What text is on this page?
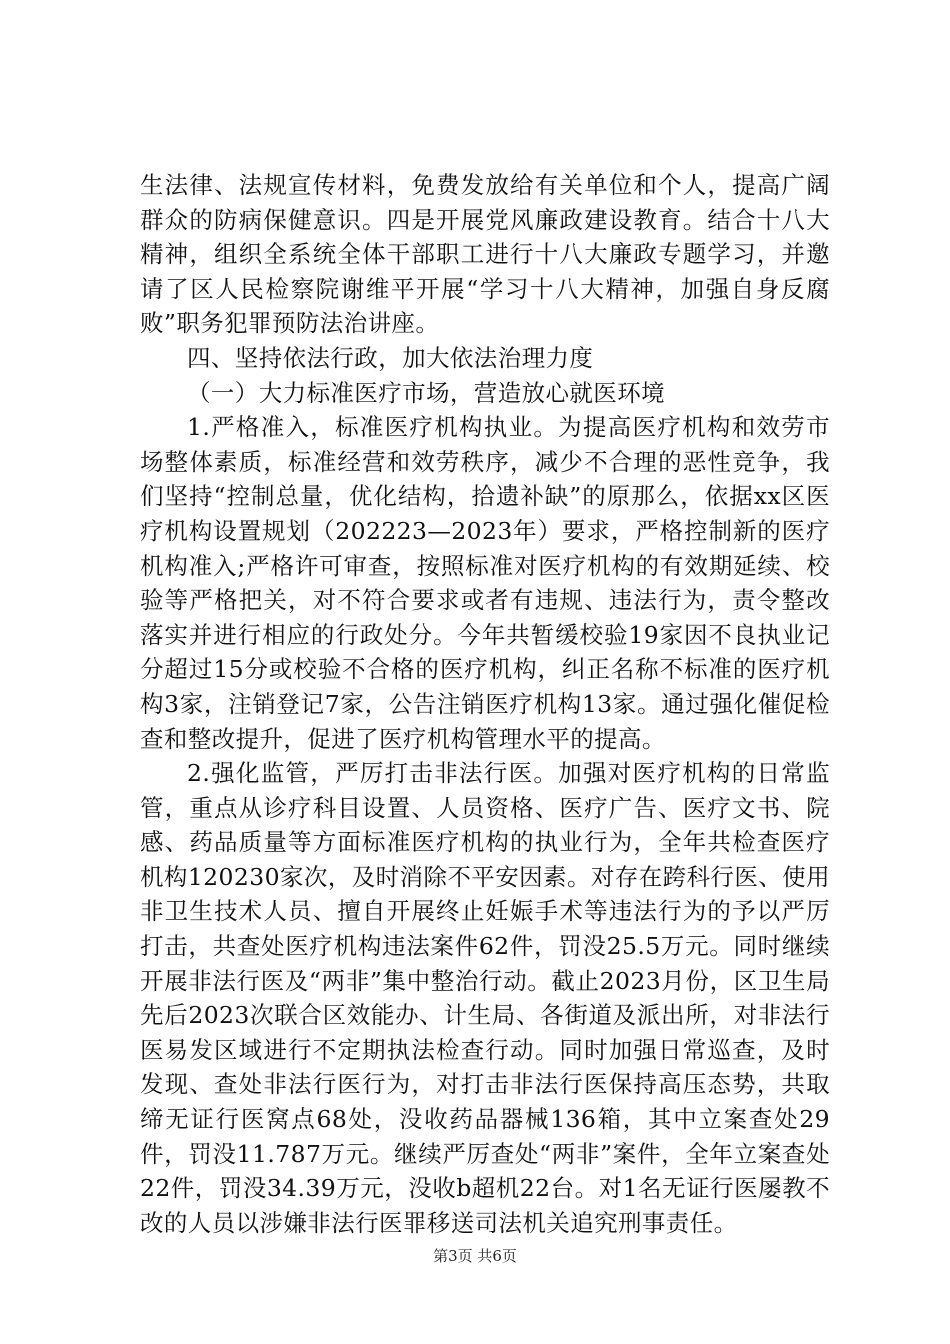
生法律、法规宣传材料，免费发放给有关单位和个人，提高广阔群众的防病保健意识。四是开展党风廉政建设教育。结合十八大精神，组织全系统全体干部职工进行十八大廉政专题学习，并邀请了区人民检察院谢维平开展“学习十八大精神，加强自身反腐败”职务犯罪预防法治讲座。

四、坚持依法行政，加大依法治理力度

（一）大力标准医疗市场，营造放心就医环境

1.严格准入，标准医疗机构执业。为提高医疗机构和效劳市场整体素质，标准经营和效劳秩序，减少不合理的恶性竞争，我们坚持“控制总量，优化结构，拾遗补缺”的原那么，依据xx区医疗机构设置规划（202223—2023年）要求，严格控制新的医疗机构准入;严格许可审查，按照标准对医疗机构的有效期延续、校验等严格把关，对不符合要求或者有违规、违法行为，责令整改落实并进行相应的行政处分。今年共暂缓校验19家因不良执业记分超过15分或校验不合格的医疗机构，纠正名称不标准的医疗机构3家，注销登记7家，公告注销医疗机构13家。通过强化催促检查和整改提升，促进了医疗机构管理水平的提高。

2.强化监管，严厉打击非法行医。加强对医疗机构的日常监管，重点从诊疗科目设置、人员资格、医疗广告、医疗文书、院感、药品质量等方面标准医疗机构的执业行为，全年共检查医疗机构120230家次，及时消除不平安因素。对存在跨科行医、使用非卫生技术人员、擅自开展终止妊娠手术等违法行为的予以严厉打击，共查处医疗机构违法案件62件，罚没25.5万元。同时继续开展非法行医及“两非”集中整治行动。截止2023月份，区卫生局先后2023次联合区效能办、计生局、各街道及派出所，对非法行医易发区域进行不定期执法检查行动。同时加强日常巡查，及时发现、查处非法行医行为，对打击非法行医保持高压态势，共取缔无证行医窝点68处，没收药品器械136箱，其中立案查处29件，罚没11.787万元。继续严厉查处“两非”案件，全年立案查处22件，罚没34.39万元，没收b超机22台。对1名无证行医屡教不改的人员以涉嫌非法行医罪移送司法机关追究刑事责任。

第3页 共6页
